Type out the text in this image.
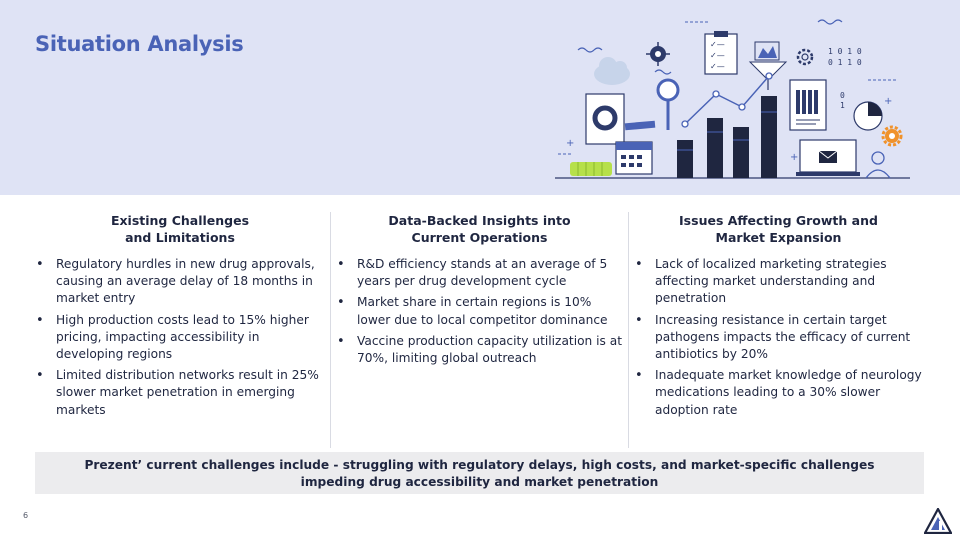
Situation Analysis	✓—
✓—
✓—
1 0 1 0
0 1 1 0
0
1
+
+
+
Existing Challenges
and Limitations
• Regulatory hurdles in new drug approvals, causing an average delay of 18 months in market entry
• High production costs lead to 15% higher pricing, impacting accessibility in developing regions
• Limited distribution networks result in 25% slower market penetration in emerging markets
Data-Backed Insights into
Current Operations
• R&D efficiency stands at an average of 5 years per drug development cycle
• Market share in certain regions is 10% lower due to local competitor dominance
• Vaccine production capacity utilization is at 70%, limiting global outreach
Issues Affecting Growth and
Market Expansion
• Lack of localized marketing strategies affecting market understanding and penetration
• Increasing resistance in certain target pathogens impacts the efficacy of current antibiotics by 20%
• Inadequate market knowledge of neurology medications leading to a 30% slower adoption rate
Prezent’ current challenges include - struggling with regulatory delays, high costs, and market-specific challenges impeding drug accessibility and market penetration
6
